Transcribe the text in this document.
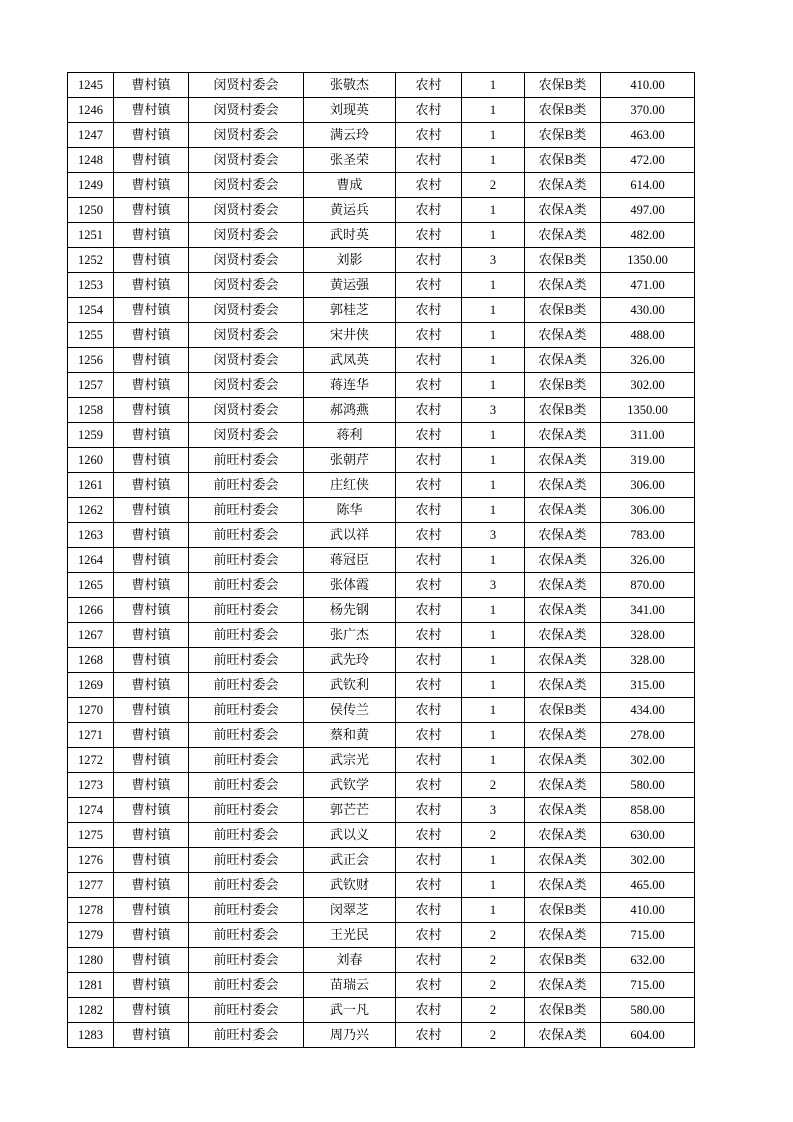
1245	曹村镇	闵贤村委会	张敬杰	农村	1	农保B类	410.00
1246	曹村镇	闵贤村委会	刘现英	农村	1	农保B类	370.00
1247	曹村镇	闵贤村委会	满云玲	农村	1	农保B类	463.00
1248	曹村镇	闵贤村委会	张圣荣	农村	1	农保B类	472.00
1249	曹村镇	闵贤村委会	曹成	农村	2	农保A类	614.00
1250	曹村镇	闵贤村委会	黄运兵	农村	1	农保A类	497.00
1251	曹村镇	闵贤村委会	武时英	农村	1	农保A类	482.00
1252	曹村镇	闵贤村委会	刘影	农村	3	农保B类	1350.00
1253	曹村镇	闵贤村委会	黄运强	农村	1	农保A类	471.00
1254	曹村镇	闵贤村委会	郭桂芝	农村	1	农保B类	430.00
1255	曹村镇	闵贤村委会	宋井侠	农村	1	农保A类	488.00
1256	曹村镇	闵贤村委会	武凤英	农村	1	农保A类	326.00
1257	曹村镇	闵贤村委会	蒋连华	农村	1	农保B类	302.00
1258	曹村镇	闵贤村委会	郝鸿燕	农村	3	农保B类	1350.00
1259	曹村镇	闵贤村委会	蒋利	农村	1	农保A类	311.00
1260	曹村镇	前旺村委会	张朝芹	农村	1	农保A类	319.00
1261	曹村镇	前旺村委会	庄红侠	农村	1	农保A类	306.00
1262	曹村镇	前旺村委会	陈华	农村	1	农保A类	306.00
1263	曹村镇	前旺村委会	武以祥	农村	3	农保A类	783.00
1264	曹村镇	前旺村委会	蒋冠臣	农村	1	农保A类	326.00
1265	曹村镇	前旺村委会	张体霞	农村	3	农保A类	870.00
1266	曹村镇	前旺村委会	杨先钢	农村	1	农保A类	341.00
1267	曹村镇	前旺村委会	张广杰	农村	1	农保A类	328.00
1268	曹村镇	前旺村委会	武先玲	农村	1	农保A类	328.00
1269	曹村镇	前旺村委会	武钦利	农村	1	农保A类	315.00
1270	曹村镇	前旺村委会	侯传兰	农村	1	农保B类	434.00
1271	曹村镇	前旺村委会	蔡和黄	农村	1	农保A类	278.00
1272	曹村镇	前旺村委会	武宗光	农村	1	农保A类	302.00
1273	曹村镇	前旺村委会	武钦学	农村	2	农保A类	580.00
1274	曹村镇	前旺村委会	郭芒芒	农村	3	农保A类	858.00
1275	曹村镇	前旺村委会	武以义	农村	2	农保A类	630.00
1276	曹村镇	前旺村委会	武正会	农村	1	农保A类	302.00
1277	曹村镇	前旺村委会	武钦财	农村	1	农保A类	465.00
1278	曹村镇	前旺村委会	闵翠芝	农村	1	农保B类	410.00
1279	曹村镇	前旺村委会	王光民	农村	2	农保A类	715.00
1280	曹村镇	前旺村委会	刘春	农村	2	农保B类	632.00
1281	曹村镇	前旺村委会	苗瑞云	农村	2	农保A类	715.00
1282	曹村镇	前旺村委会	武一凡	农村	2	农保B类	580.00
1283	曹村镇	前旺村委会	周乃兴	农村	2	农保A类	604.00
